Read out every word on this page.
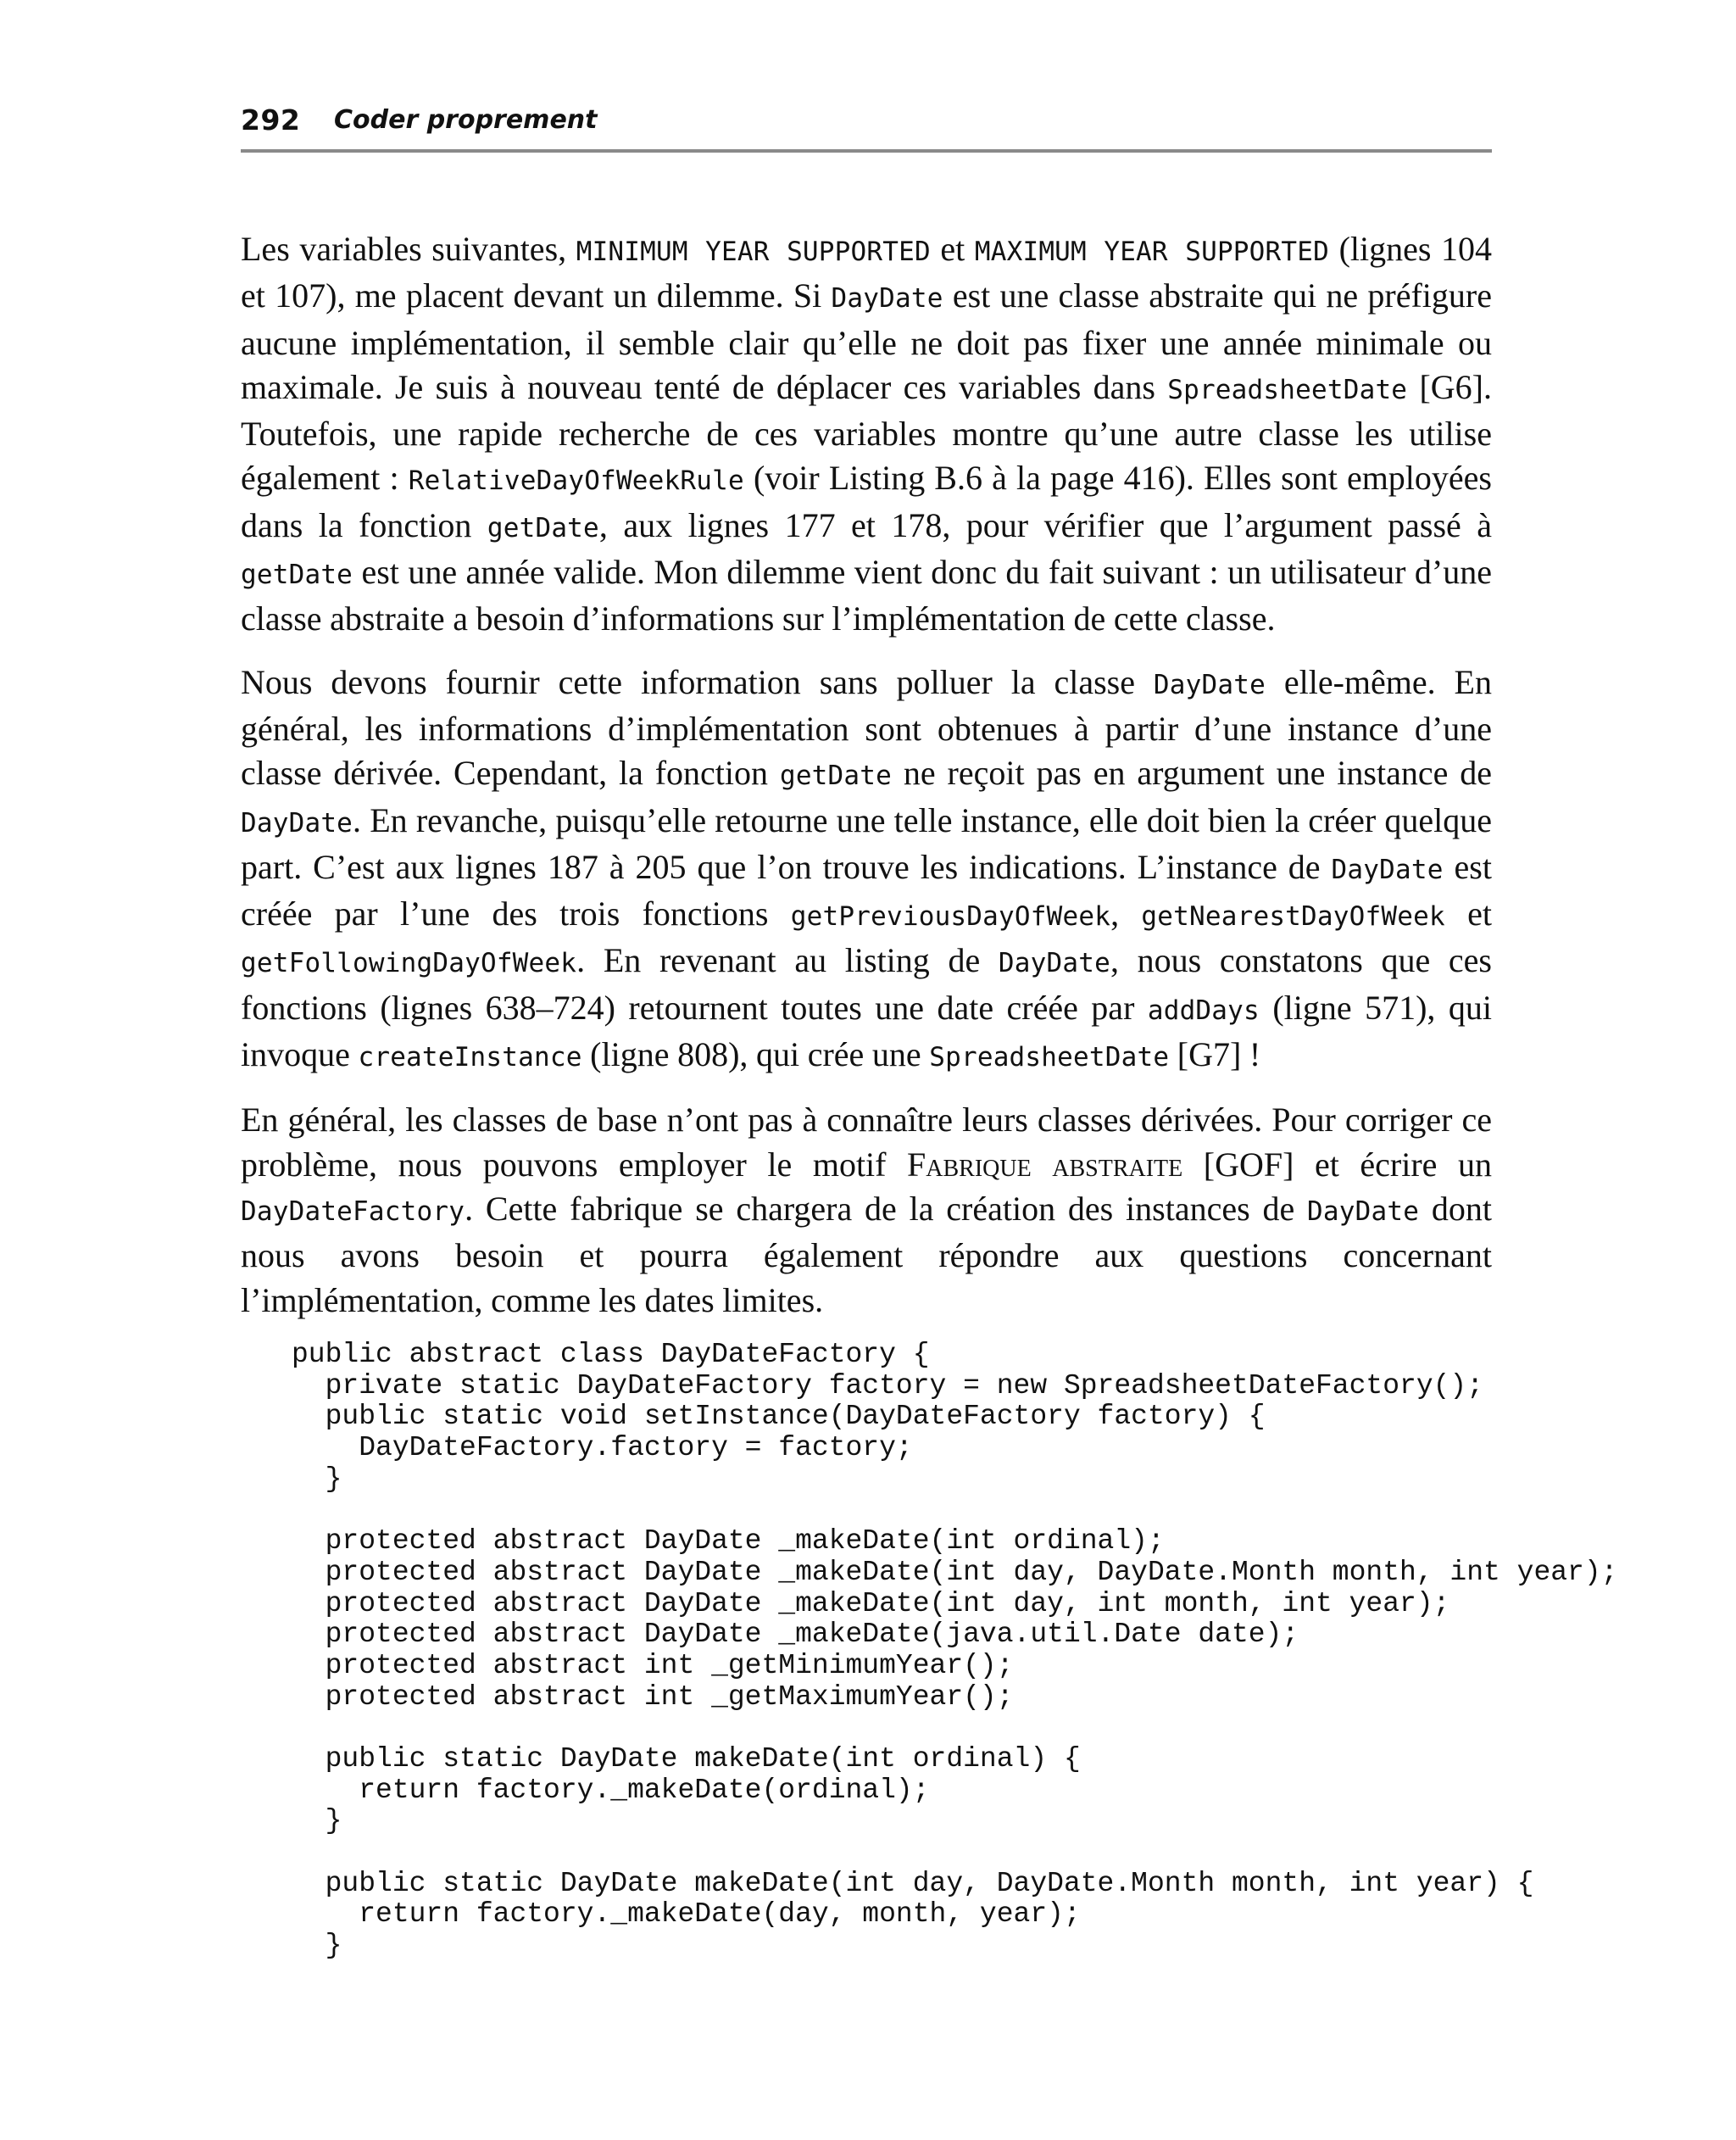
292 Coder proprement

Les variables suivantes, MINIMUM YEAR SUPPORTED et MAXIMUM YEAR SUPPORTED (lignes 104 et 107), me placent devant un dilemme. Si DayDate est une classe abstraite qui ne préfigure aucune implémentation, il semble clair qu’elle ne doit pas fixer une année minimale ou maximale. Je suis à nouveau tenté de déplacer ces variables dans SpreadsheetDate [G6]. Toutefois, une rapide recherche de ces variables montre qu’une autre classe les utilise également : RelativeDayOfWeekRule (voir Listing B.6 à la page 416). Elles sont employées dans la fonction getDate, aux lignes 177 et 178, pour vérifier que l’argument passé à getDate est une année valide. Mon dilemme vient donc du fait suivant : un utilisateur d’une classe abstraite a besoin d’informations sur l’implémentation de cette classe.

Nous devons fournir cette information sans polluer la classe DayDate elle-même. En général, les informations d’implémentation sont obtenues à partir d’une instance d’une classe dérivée. Cependant, la fonction getDate ne reçoit pas en argument une instance de DayDate. En revanche, puisqu’elle retourne une telle instance, elle doit bien la créer quelque part. C’est aux lignes 187 à 205 que l’on trouve les indications. L’instance de DayDate est créée par l’une des trois fonctions getPreviousDayOfWeek, getNearestDayOfWeek et getFollowingDayOfWeek. En revenant au listing de DayDate, nous constatons que ces fonctions (lignes 638–724) retournent toutes une date créée par addDays (ligne 571), qui invoque createInstance (ligne 808), qui crée une SpreadsheetDate [G7] !

En général, les classes de base n’ont pas à connaître leurs classes dérivées. Pour corriger ce problème, nous pouvons employer le motif Fabrique abstraite [GOF] et écrire un DayDateFactory. Cette fabrique se chargera de la création des instances de DayDate dont nous avons besoin et pourra également répondre aux questions concernant l’implémentation, comme les dates limites.

public abstract class DayDateFactory {
private static DayDateFactory factory = new SpreadsheetDateFactory();
public static void setInstance(DayDateFactory factory) {
DayDateFactory.factory = factory;
}
protected abstract DayDate _makeDate(int ordinal);
protected abstract DayDate _makeDate(int day, DayDate.Month month, int year);
protected abstract DayDate _makeDate(int day, int month, int year);
protected abstract DayDate _makeDate(java.util.Date date);
protected abstract int _getMinimumYear();
protected abstract int _getMaximumYear();
public static DayDate makeDate(int ordinal) {
return factory._makeDate(ordinal);
}
public static DayDate makeDate(int day, DayDate.Month month, int year) {
return factory._makeDate(day, month, year);
}
